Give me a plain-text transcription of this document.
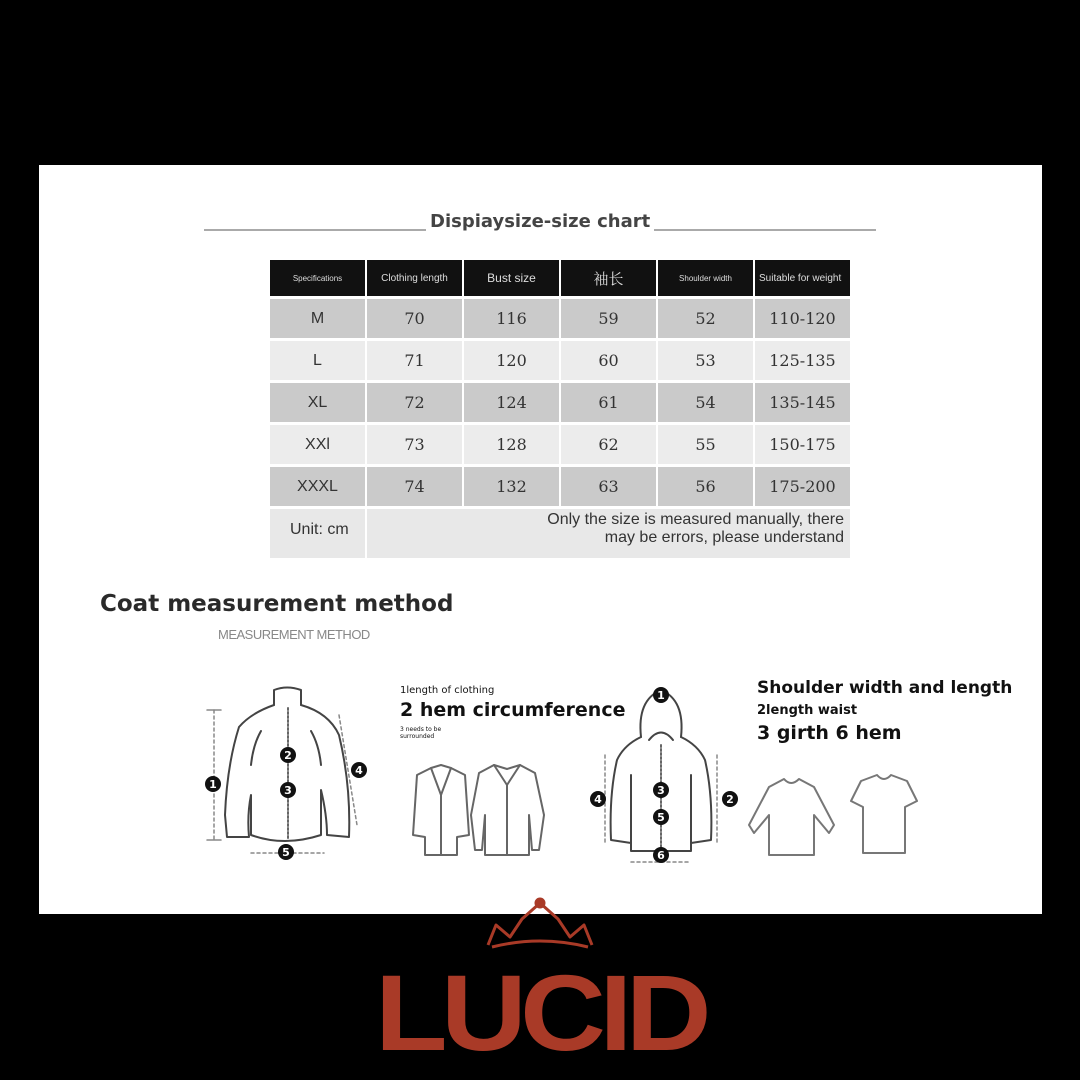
Dispiaysize-size chart
Specifications	Clothing length	Bust size	袖长	Shoulder width	Suitable for weight
M	70	116	59	52	110-120
L	71	120	60	53	125-135
XL	72	124	61	54	135-145
XXl	73	128	62	55	150-175
XXXL	74	132	63	56	175-200
Unit: cm	Only the size is measured manually, there may be errors, please understand				
Coat measurement method
MEASUREMENT METHOD
1length of clothing
2 hem circumference
3 needs to be surrounded
Shoulder width and length
2length waist
3 girth 6 hem
1
2
3
4
5
1
4
3
5
2
6
LUCID
